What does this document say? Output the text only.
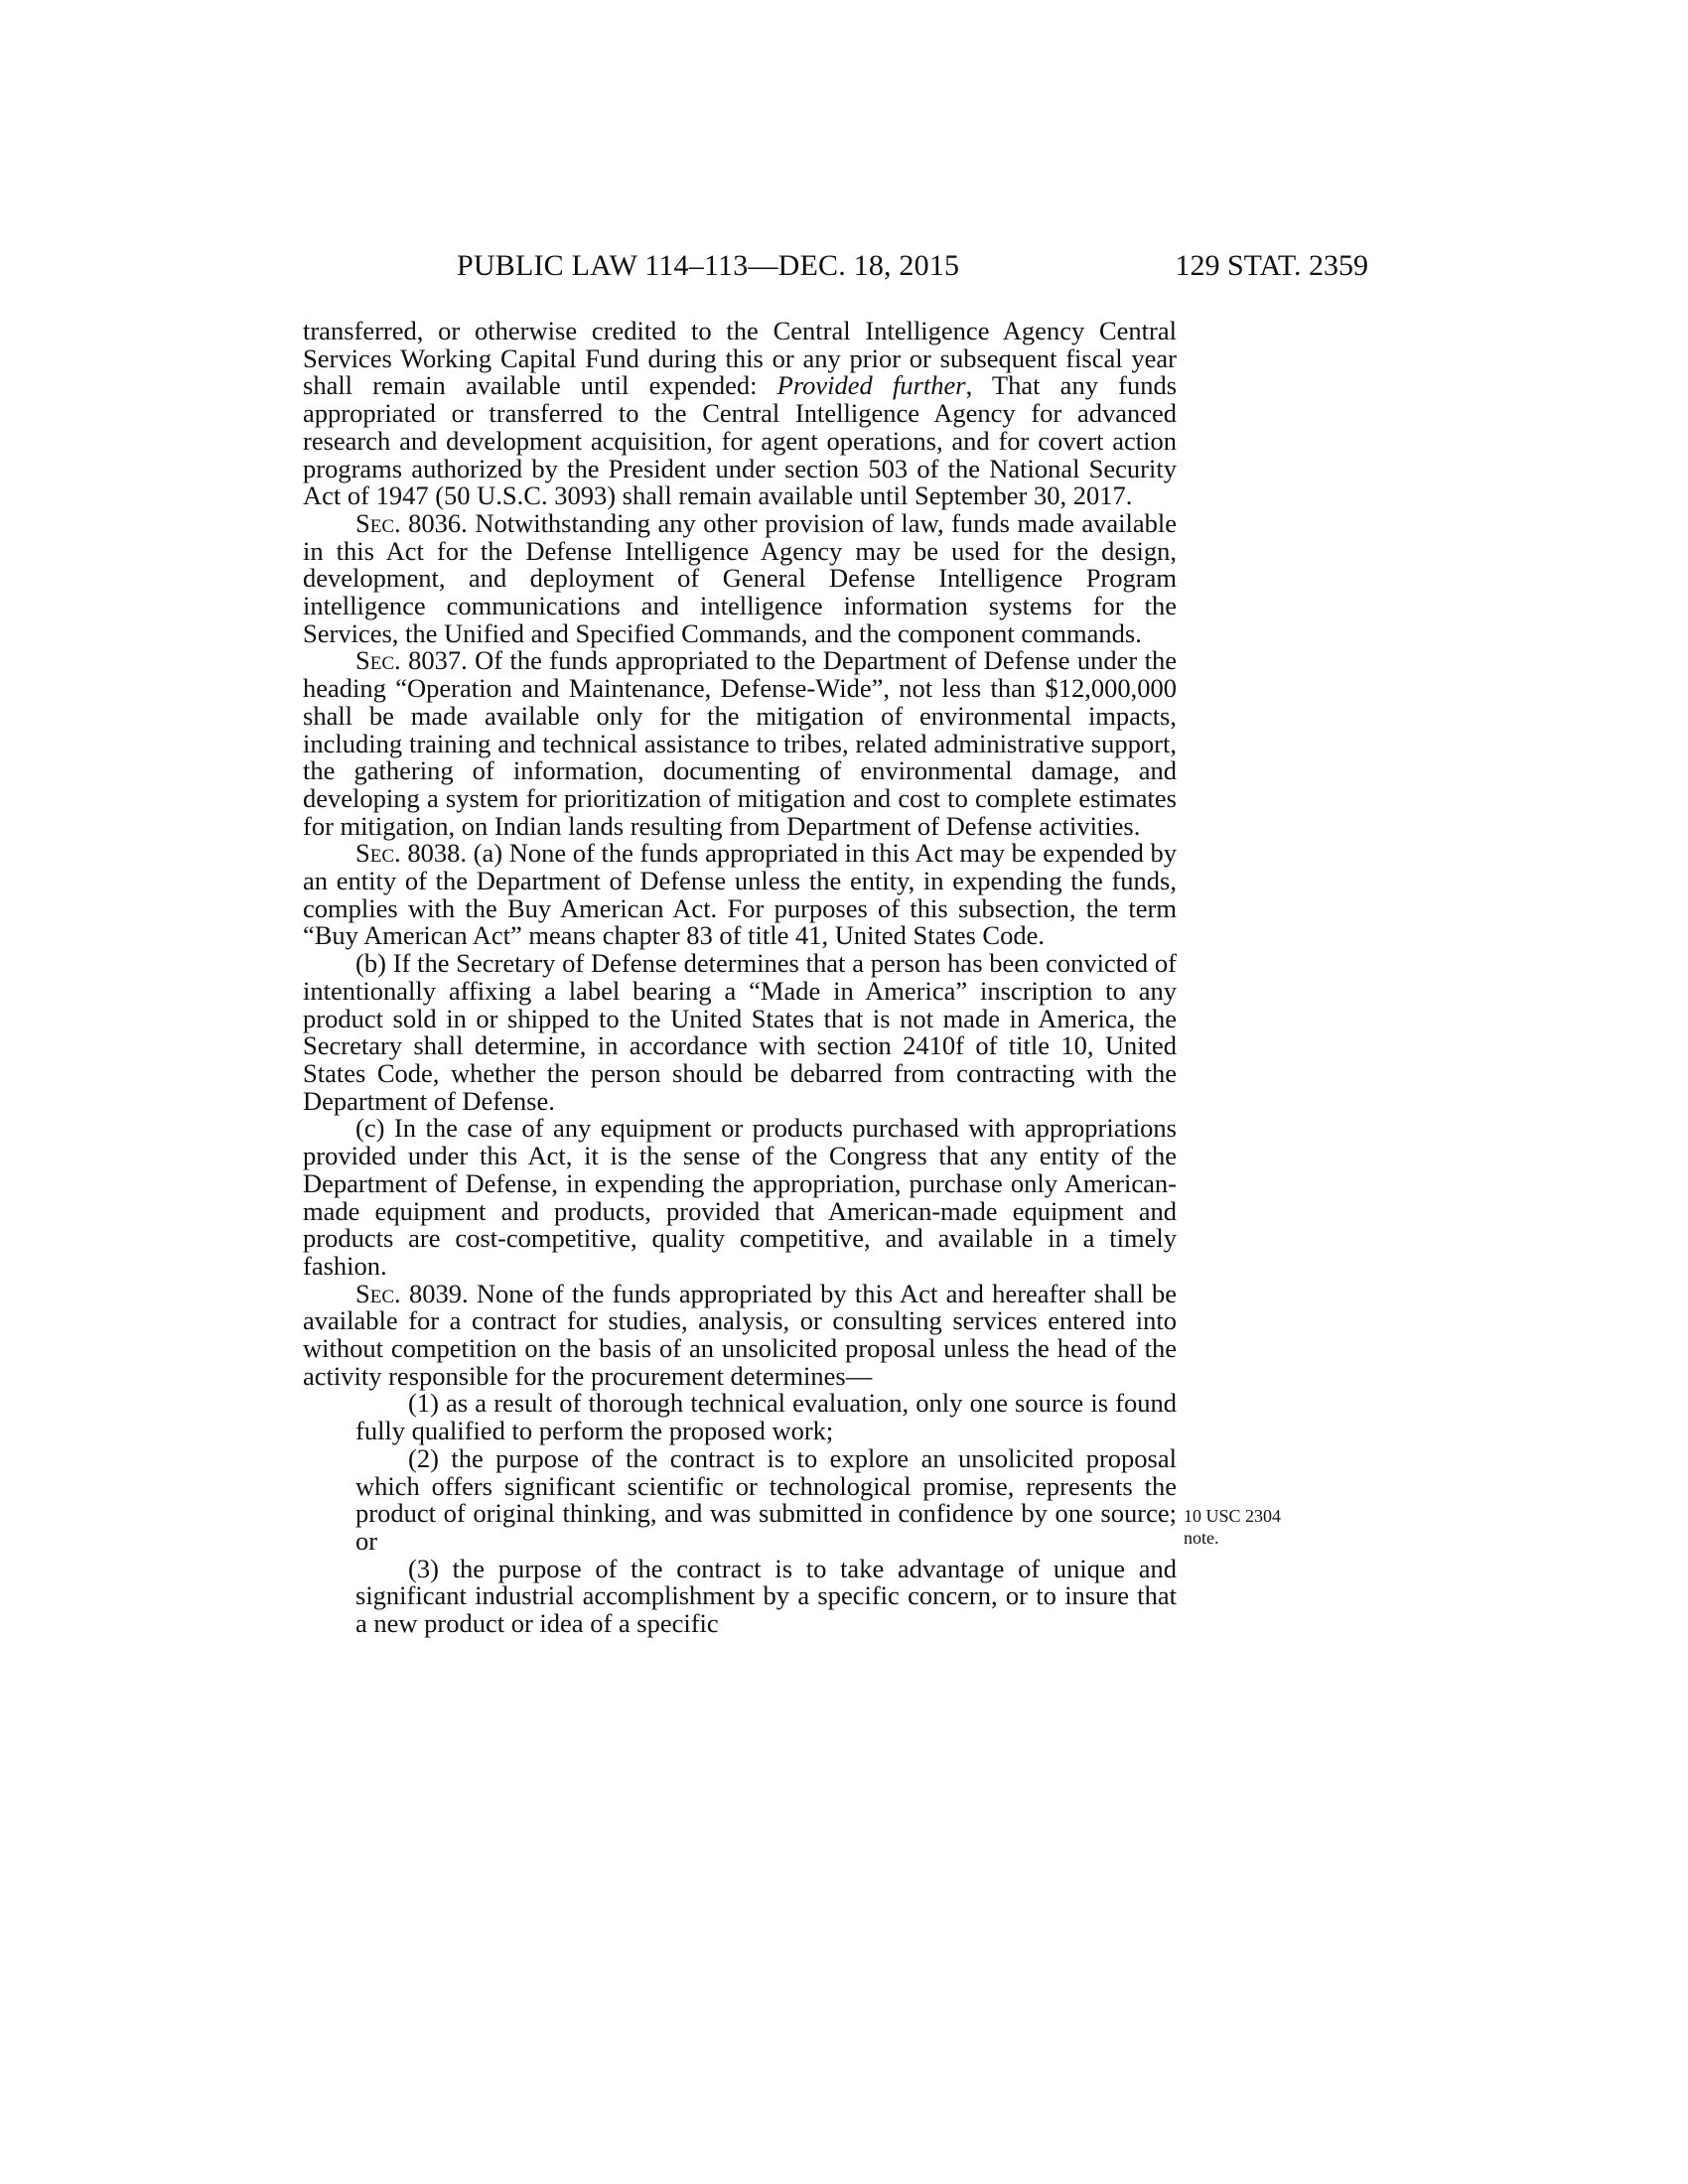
PUBLIC LAW 114–113—DEC. 18, 2015	129 STAT. 2359

transferred, or otherwise credited to the Central Intelligence Agency Central Services Working Capital Fund during this or any prior or subsequent fiscal year shall remain available until expended: Provided further, That any funds appropriated or transferred to the Central Intelligence Agency for advanced research and development acquisition, for agent operations, and for covert action programs authorized by the President under section 503 of the National Security Act of 1947 (50 U.S.C. 3093) shall remain available until September 30, 2017.

Sec. 8036. Notwithstanding any other provision of law, funds made available in this Act for the Defense Intelligence Agency may be used for the design, development, and deployment of General Defense Intelligence Program intelligence communications and intelligence information systems for the Services, the Unified and Specified Commands, and the component commands.

Sec. 8037. Of the funds appropriated to the Department of Defense under the heading “Operation and Maintenance, Defense-Wide”, not less than $12,000,000 shall be made available only for the mitigation of environmental impacts, including training and technical assistance to tribes, related administrative support, the gathering of information, documenting of environmental damage, and developing a system for prioritization of mitigation and cost to complete estimates for mitigation, on Indian lands resulting from Department of Defense activities.

Sec. 8038. (a) None of the funds appropriated in this Act may be expended by an entity of the Department of Defense unless the entity, in expending the funds, complies with the Buy American Act. For purposes of this subsection, the term “Buy American Act” means chapter 83 of title 41, United States Code.

(b) If the Secretary of Defense determines that a person has been convicted of intentionally affixing a label bearing a “Made in America” inscription to any product sold in or shipped to the United States that is not made in America, the Secretary shall determine, in accordance with section 2410f of title 10, United States Code, whether the person should be debarred from contracting with the Department of Defense.

(c) In the case of any equipment or products purchased with appropriations provided under this Act, it is the sense of the Congress that any entity of the Department of Defense, in expending the appropriation, purchase only American-made equipment and products, provided that American-made equipment and products are cost-competitive, quality competitive, and available in a timely fashion.

Sec. 8039. None of the funds appropriated by this Act and hereafter shall be available for a contract for studies, analysis, or consulting services entered into without competition on the basis of an unsolicited proposal unless the head of the activity responsible for the procurement determines—

(1) as a result of thorough technical evaluation, only one source is found fully qualified to perform the proposed work;

(2) the purpose of the contract is to explore an unsolicited proposal which offers significant scientific or technological promise, represents the product of original thinking, and was submitted in confidence by one source; or

(3) the purpose of the contract is to take advantage of unique and significant industrial accomplishment by a specific concern, or to insure that a new product or idea of a specific

10 USC 2304
note.
